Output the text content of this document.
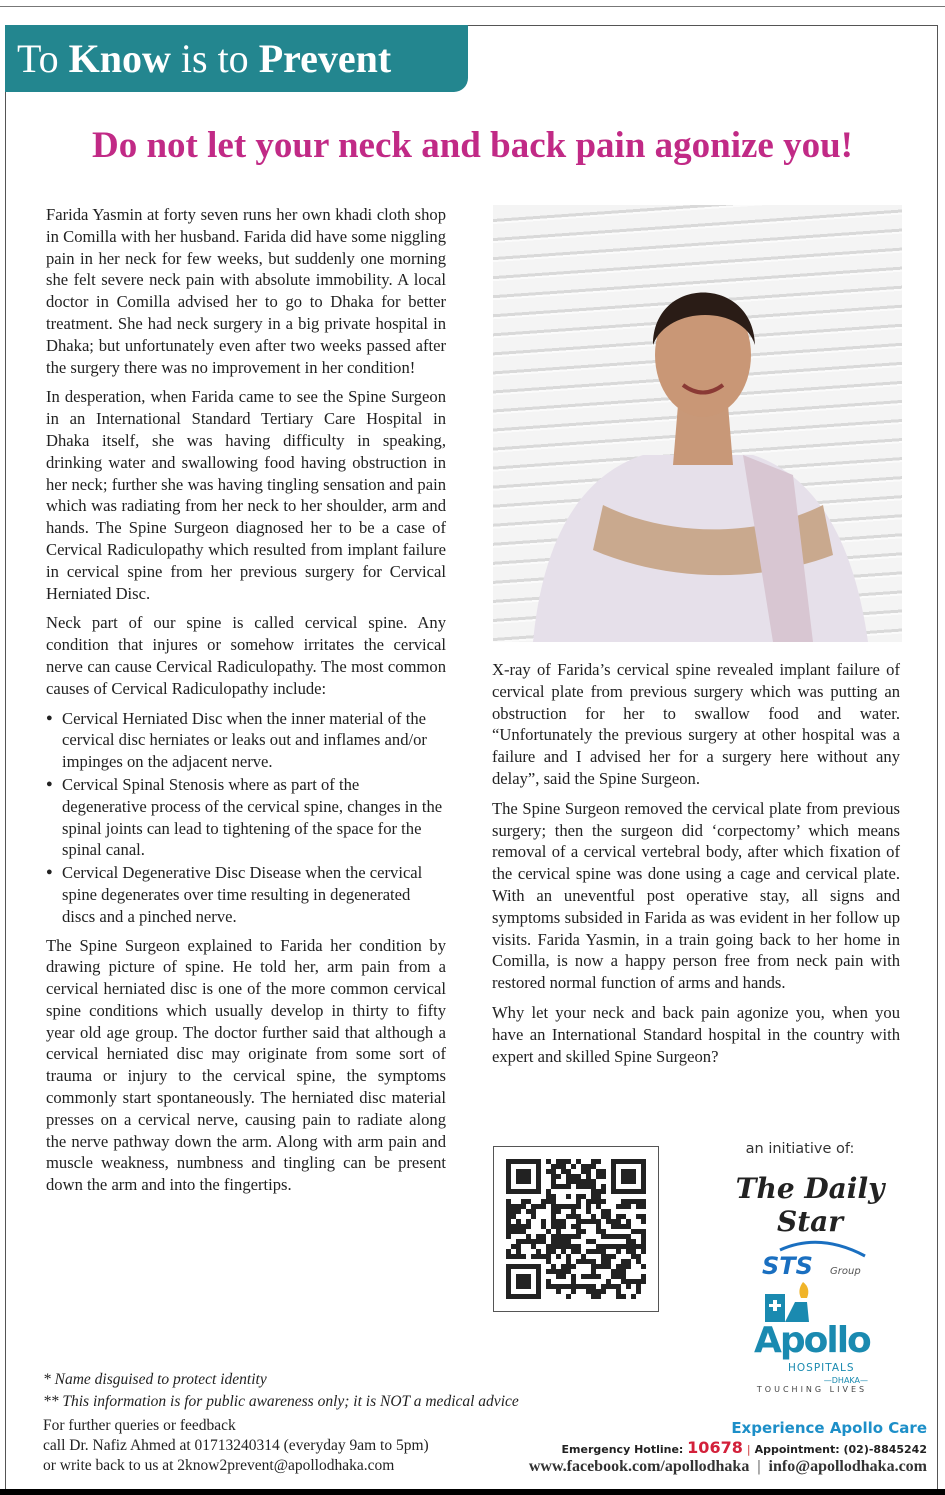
To Know is to Prevent
Do not let your neck and back pain agonize you!

Farida Yasmin at forty seven runs her own khadi cloth shop in Comilla with her husband. Farida did have some niggling pain in her neck for few weeks, but suddenly one morning she felt severe neck pain with absolute immobility. A local doctor in Comilla advised her to go to Dhaka for better treatment. She had neck surgery in a big private hospital in Dhaka; but unfortunately even after two weeks passed after the surgery there was no improvement in her condition!

In desperation, when Farida came to see the Spine Surgeon in an International Standard Tertiary Care Hospital in Dhaka itself, she was having difficulty in speaking, drinking water and swallowing food having obstruction in her neck; further she was having tingling sensation and pain which was radiating from her neck to her shoulder, arm and hands. The Spine Surgeon diagnosed her to be a case of Cervical Radiculopathy which resulted from implant failure in cervical spine from her previous surgery for Cervical Herniated Disc.

Neck part of our spine is called cervical spine. Any condition that injures or somehow irritates the cervical nerve can cause Cervical Radiculopathy. The most common causes of Cervical Radiculopathy include:

● Cervical Herniated Disc when the inner material of the cervical disc herniates or leaks out and inflames and/or impinges on the adjacent nerve.
● Cervical Spinal Stenosis where as part of the degenerative process of the cervical spine, changes in the spinal joints can lead to tightening of the space for the spinal canal.
● Cervical Degenerative Disc Disease when the cervical spine degenerates over time resulting in degenerated discs and a pinched nerve.

The Spine Surgeon explained to Farida her condition by drawing picture of spine. He told her, arm pain from a cervical herniated disc is one of the more common cervical spine conditions which usually develop in thirty to fifty year old age group. The doctor further said that although a cervical herniated disc may originate from some sort of trauma or injury to the cervical spine, the symptoms commonly start spontaneously. The herniated disc material presses on a cervical nerve, causing pain to radiate along the nerve pathway down the arm. Along with arm pain and muscle weakness, numbness and tingling can be present down the arm and into the fingertips.

X-ray of Farida’s cervical spine revealed implant failure of cervical plate from previous surgery which was putting an obstruction for her to swallow food and water. “Unfortunately the previous surgery at other hospital was a failure and I advised her for a surgery here without any delay”, said the Spine Surgeon.

The Spine Surgeon removed the cervical plate from previous surgery; then the surgeon did ‘corpectomy’ which means removal of a cervical vertebral body, after which fixation of the cervical spine was done using a cage and cervical plate. With an uneventful post operative stay, all signs and symptoms subsided in Farida as was evident in her follow up visits. Farida Yasmin, in a train going back to her home in Comilla, is now a happy person free from neck pain with restored normal function of arms and hands.

Why let your neck and back pain agonize you, when you have an International Standard hospital in the country with expert and skilled Spine Surgeon?

* Name disguised to protect identity
** This information is for public awareness only; it is NOT a medical advice
For further queries or feedback
call Dr. Nafiz Ahmed at 01713240314 (everyday 9am to 5pm)
or write back to us at 2know2prevent@apollodhaka.com
an initiative of:
The Daily Star
STS Group
Apollo
HOSPITALS
—DHAKA—
TOUCHING LIVES
Experience Apollo Care
Emergency Hotline: 10678 | Appointment: (02)-8845242
www.facebook.com/apollodhaka | info@apollodhaka.com
